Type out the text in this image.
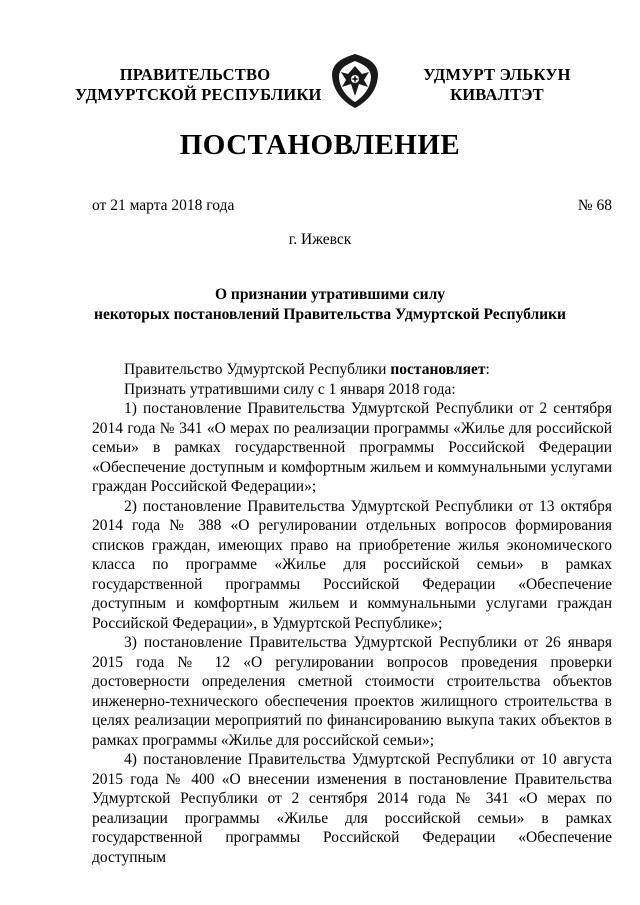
ПРАВИТЕЛЬСТВО
УДМУРТСКОЙ РЕСПУБЛИКИ
УДМУРТ ЭЛЬКУН
КИВАЛТЭТ
ПОСТАНОВЛЕНИЕ
от 21 марта 2018 года	№ 68
г. Ижевск
О признании утратившими силу
некоторых постановлений Правительства Удмуртской Республики

Правительство Удмуртской Республики постановляет:

Признать утратившими силу с 1 января 2018 года:

1) постановление Правительства Удмуртской Республики от 2 сентября 2014 года № 341 «О мерах по реализации программы «Жилье для российской семьи» в рамках государственной программы Российской Федерации «Обеспечение доступным и комфортным жильем и коммунальными услугами граждан Российской Федерации»;

2) постановление Правительства Удмуртской Республики от 13 октября 2014 года № 388 «О регулировании отдельных вопросов формирования списков граждан, имеющих право на приобретение жилья экономического класса по программе «Жилье для российской семьи» в рамках государственной программы Российской Федерации «Обеспечение доступным и комфортным жильем и коммунальными услугами граждан Российской Федерации», в Удмуртской Республике»;

3) постановление Правительства Удмуртской Республики от 26 января 2015 года № 12 «О регулировании вопросов проведения проверки достоверности определения сметной стоимости строительства объектов инженерно-технического обеспечения проектов жилищного строительства в целях реализации мероприятий по финансированию выкупа таких объектов в рамках программы «Жилье для российской семьи»;

4) постановление Правительства Удмуртской Республики от 10 августа 2015 года № 400 «О внесении изменения в постановление Правительства Удмуртской Республики от 2 сентября 2014 года № 341 «О мерах по реализации программы «Жилье для российской семьи» в рамках государственной программы Российской Федерации «Обеспечение доступным
